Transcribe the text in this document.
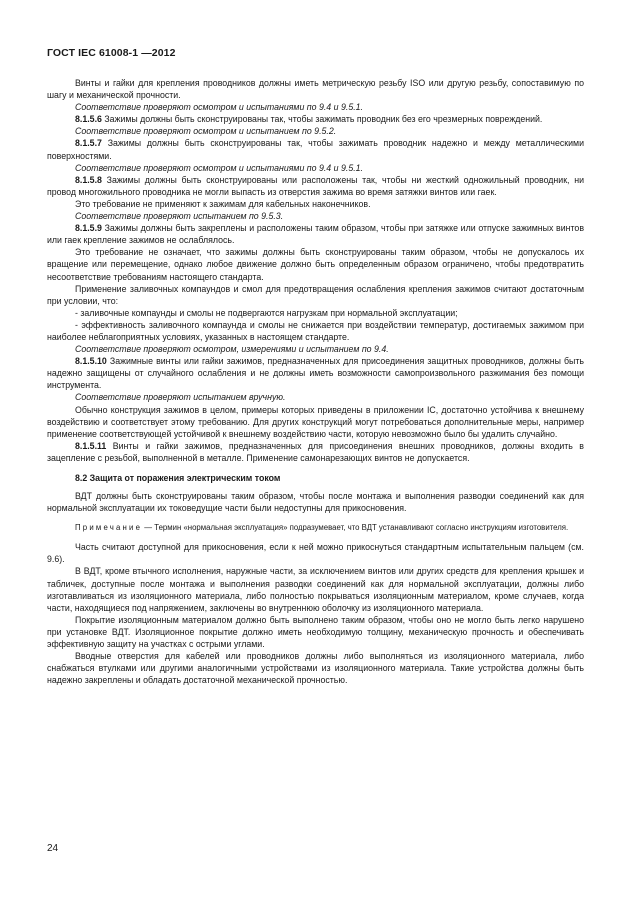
ГОСТ IEC 61008-1 —2012

Винты и гайки для крепления проводников должны иметь метрическую резьбу ISO или другую резьбу, сопоставимую по шагу и механической прочности.

Соответствие проверяют осмотром и испытаниями по 9.4 и 9.5.1.

8.1.5.6 Зажимы должны быть сконструированы так, чтобы зажимать проводник без его чрезмерных повреждений.

Соответствие проверяют осмотром и испытанием по 9.5.2.

8.1.5.7 Зажимы должны быть сконструированы так, чтобы зажимать проводник надежно и между металлическими поверхностями.

Соответствие проверяют осмотром и испытаниями по 9.4 и 9.5.1.

8.1.5.8 Зажимы должны быть сконструированы или расположены так, чтобы ни жесткий одножильный проводник, ни провод многожильного проводника не могли выпасть из отверстия зажима во время затяжки винтов или гаек.

Это требование не применяют к зажимам для кабельных наконечников.

Соответствие проверяют испытанием по 9.5.3.

8.1.5.9 Зажимы должны быть закреплены и расположены таким образом, чтобы при затяжке или отпуске зажимных винтов или гаек крепление зажимов не ослаблялось.

Это требование не означает, что зажимы должны быть сконструированы таким образом, чтобы не допускалось их вращение или перемещение, однако любое движение должно быть определенным образом ограничено, чтобы предотвратить несоответствие требованиям настоящего стандарта.

Применение заливочных компаундов и смол для предотвращения ослабления крепления зажимов считают достаточным при условии, что:

- заливочные компаунды и смолы не подвергаются нагрузкам при нормальной эксплуатации;

- эффективность заливочного компаунда и смолы не снижается при воздействии температур, достигаемых зажимом при наиболее неблагоприятных условиях, указанных в настоящем стандарте.

Соответствие проверяют осмотром, измерениями и испытанием по 9.4.

8.1.5.10 Зажимные винты или гайки зажимов, предназначенных для присоединения защитных проводников, должны быть надежно защищены от случайного ослабления и не должны иметь возможности самопроизвольного разжимания без помощи инструмента.

Соответствие проверяют испытанием вручную.

Обычно конструкция зажимов в целом, примеры которых приведены в приложении IC, достаточно устойчива к внешнему воздействию и соответствует этому требованию. Для других конструкций могут потребоваться дополнительные меры, например применение соответствующей устойчивой к внешнему воздействию части, которую невозможно было бы удалить случайно.

8.1.5.11 Винты и гайки зажимов, предназначенных для присоединения внешних проводников, должны входить в зацепление с резьбой, выполненной в металле. Применение самонарезающих винтов не допускается.

8.2 Защита от поражения электрическим током

ВДТ должны быть сконструированы таким образом, чтобы после монтажа и выполнения разводки соединений как для нормальной эксплуатации их токоведущие части были недоступны для прикосновения.

Примечание — Термин «нормальная эксплуатация» подразумевает, что ВДТ устанавливают согласно инструкциям изготовителя.

Часть считают доступной для прикосновения, если к ней можно прикоснуться стандартным испытательным пальцем (см. 9.6).

В ВДТ, кроме втычного исполнения, наружные части, за исключением винтов или других средств для крепления крышек и табличек, доступные после монтажа и выполнения разводки соединений как для нормальной эксплуатации, должны либо изготавливаться из изоляционного материала, либо полностью покрываться изоляционным материалом, кроме случаев, когда части, находящиеся под напряжением, заключены во внутреннюю оболочку из изоляционного материала.

Покрытие изоляционным материалом должно быть выполнено таким образом, чтобы оно не могло быть легко нарушено при установке ВДТ. Изоляционное покрытие должно иметь необходимую толщину, механическую прочность и обеспечивать эффективную защиту на участках с острыми углами.

Вводные отверстия для кабелей или проводников должны либо выполняться из изоляционного материала, либо снабжаться втулками или другими аналогичными устройствами из изоляционного материала. Такие устройства должны быть надежно закреплены и обладать достаточной механической прочностью.

24
